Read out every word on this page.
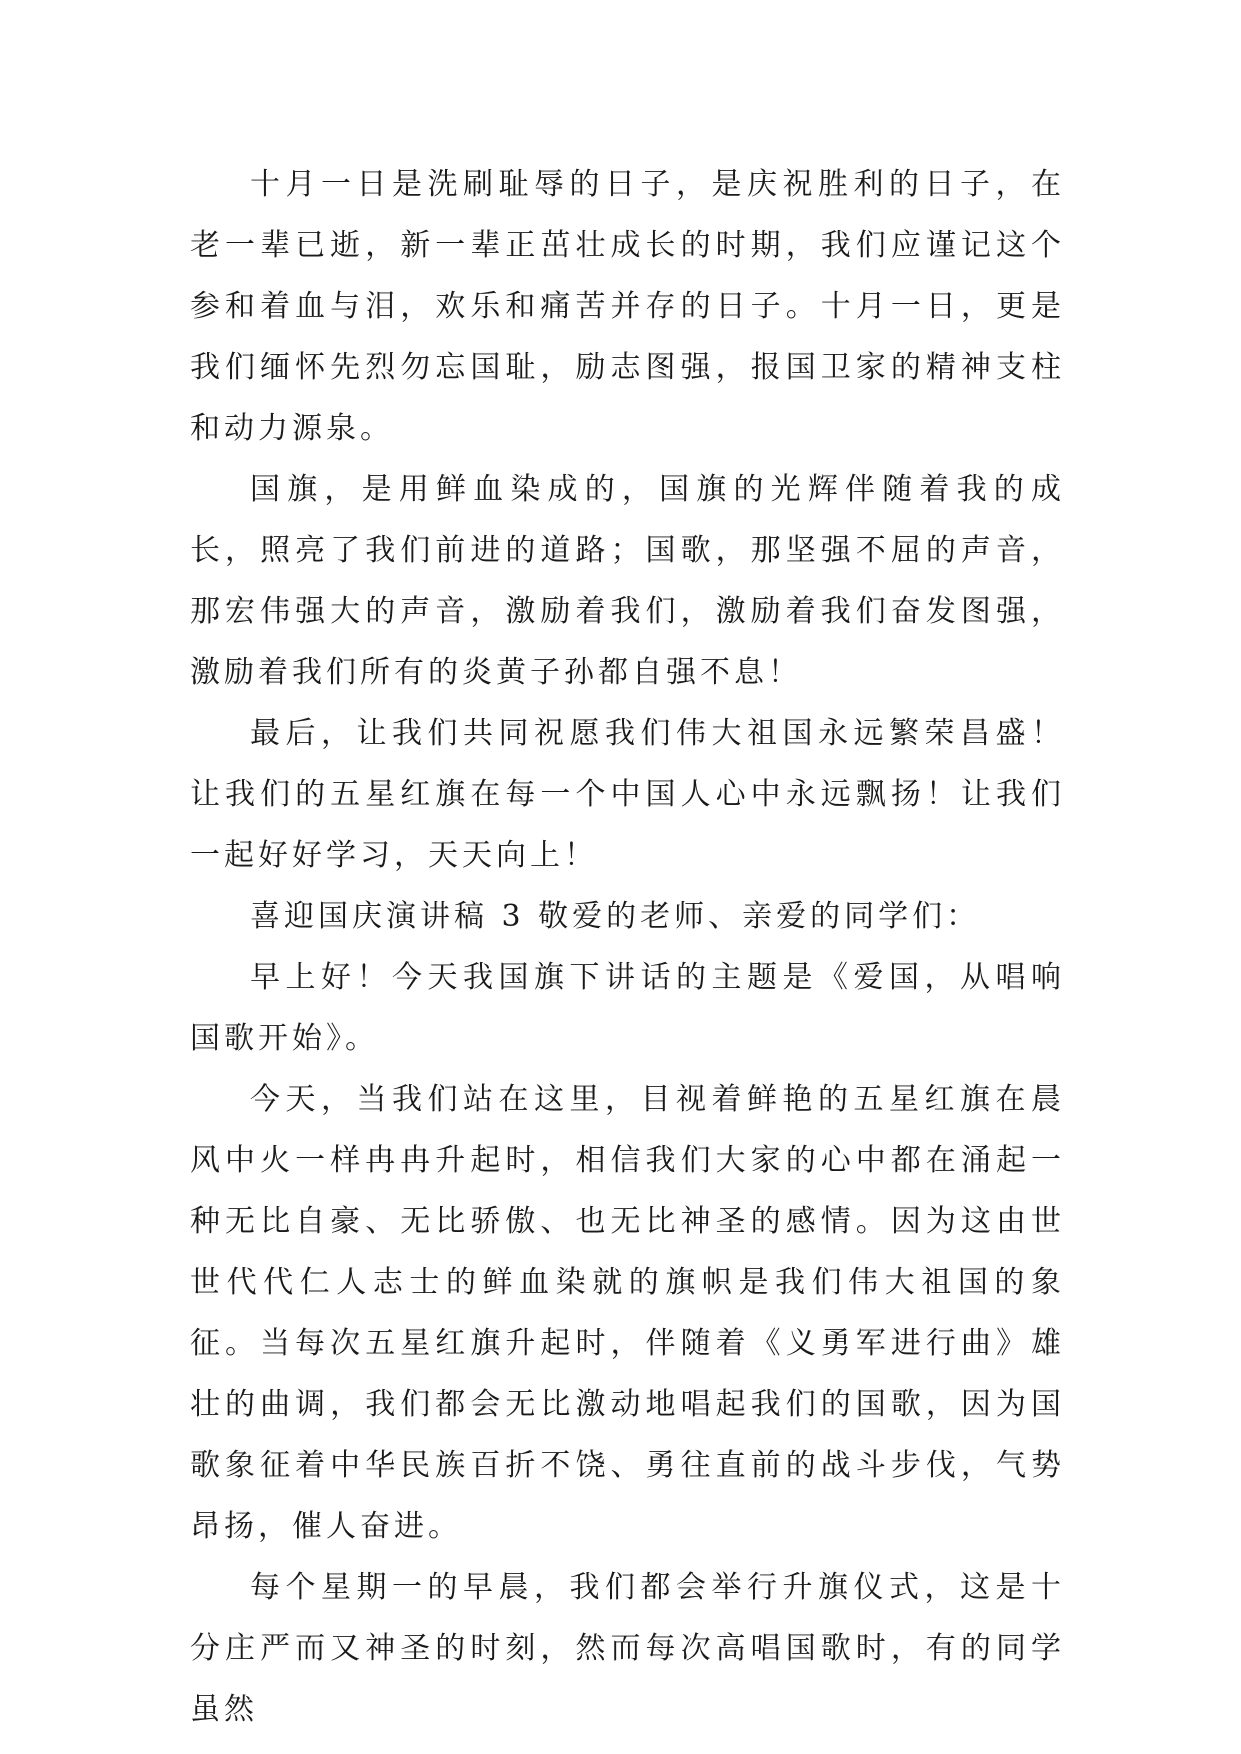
十月一日是洗刷耻辱的日子，是庆祝胜利的日子，在老一辈已逝，新一辈正茁壮成长的时期，我们应谨记这个参和着血与泪，欢乐和痛苦并存的日子。十月一日，更是我们缅怀先烈勿忘国耻，励志图强，报国卫家的精神支柱和动力源泉。

国旗，是用鲜血染成的，国旗的光辉伴随着我的成长，照亮了我们前进的道路；国歌，那坚强不屈的声音，那宏伟强大的声音，激励着我们，激励着我们奋发图强，激励着我们所有的炎黄子孙都自强不息！

最后，让我们共同祝愿我们伟大祖国永远繁荣昌盛！让我们的五星红旗在每一个中国人心中永远飘扬！让我们一起好好学习，天天向上！

喜迎国庆演讲稿 3 敬爱的老师、亲爱的同学们：

早上好！今天我国旗下讲话的主题是《爱国，从唱响国歌开始》。

今天，当我们站在这里，目视着鲜艳的五星红旗在晨风中火一样冉冉升起时，相信我们大家的心中都在涌起一种无比自豪、无比骄傲、也无比神圣的感情。因为这由世世代代仁人志士的鲜血染就的旗帜是我们伟大祖国的象征。当每次五星红旗升起时，伴随着《义勇军进行曲》雄壮的曲调，我们都会无比激动地唱起我们的国歌，因为国歌象征着中华民族百折不饶、勇往直前的战斗步伐，气势昂扬，催人奋进。

每个星期一的早晨，我们都会举行升旗仪式，这是十分庄严而又神圣的时刻，然而每次高唱国歌时，有的同学虽然
